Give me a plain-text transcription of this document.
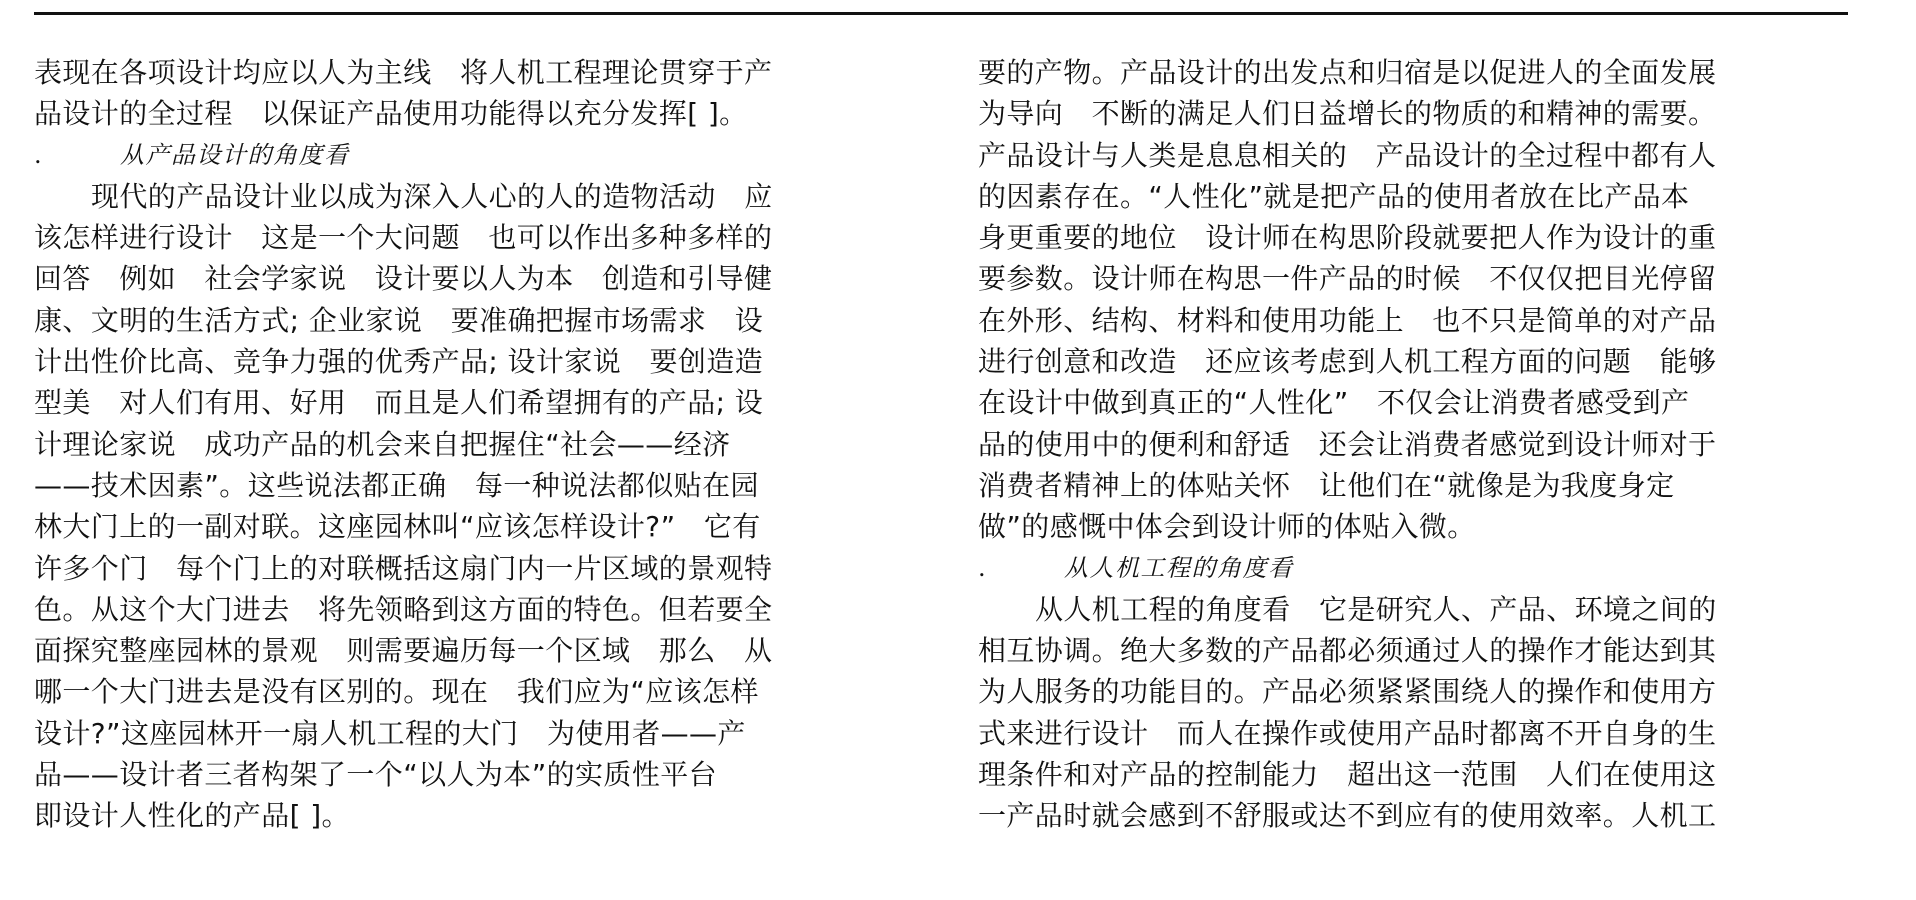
表现在各项设计均应以人为主线　将人机工程理论贯穿于产
品设计的全过程　以保证产品使用功能得以充分发挥[ ]。
.	从产品设计的角度看
现代的产品设计业以成为深入人心的人的造物活动　应
该怎样进行设计　这是一个大问题　也可以作出多种多样的
回答　例如　社会学家说　设计要以人为本　创造和引导健
康、文明的生活方式; 企业家说　要准确把握市场需求　设
计出性价比高、竞争力强的优秀产品; 设计家说　要创造造
型美　对人们有用、好用　而且是人们希望拥有的产品; 设
计理论家说　成功产品的机会来自把握住“社会——经济
——技术因素”。这些说法都正确　每一种说法都似贴在园
林大门上的一副对联。这座园林叫“应该怎样设计?”　它有
许多个门　每个门上的对联概括这扇门内一片区域的景观特
色。从这个大门进去　将先领略到这方面的特色。但若要全
面探究整座园林的景观　则需要遍历每一个区域　那么　从
哪一个大门进去是没有区别的。现在　我们应为“应该怎样
设计?”这座园林开一扇人机工程的大门　为使用者——产
品——设计者三者构架了一个“以人为本”的实质性平台
即设计人性化的产品[ ]。
要的产物。产品设计的出发点和归宿是以促进人的全面发展
为导向　不断的满足人们日益增长的物质的和精神的需要。
产品设计与人类是息息相关的　产品设计的全过程中都有人
的因素存在。“人性化”就是把产品的使用者放在比产品本
身更重要的地位　设计师在构思阶段就要把人作为设计的重
要参数。设计师在构思一件产品的时候　不仅仅把目光停留
在外形、结构、材料和使用功能上　也不只是简单的对产品
进行创意和改造　还应该考虑到人机工程方面的问题　能够
在设计中做到真正的“人性化”　不仅会让消费者感受到产
品的使用中的便利和舒适　还会让消费者感觉到设计师对于
消费者精神上的体贴关怀　让他们在“就像是为我度身定
做”的感慨中体会到设计师的体贴入微。
.	从人机工程的角度看
从人机工程的角度看　它是研究人、产品、环境之间的
相互协调。绝大多数的产品都必须通过人的操作才能达到其
为人服务的功能目的。产品必须紧紧围绕人的操作和使用方
式来进行设计　而人在操作或使用产品时都离不开自身的生
理条件和对产品的控制能力　超出这一范围　人们在使用这
一产品时就会感到不舒服或达不到应有的使用效率。人机工
